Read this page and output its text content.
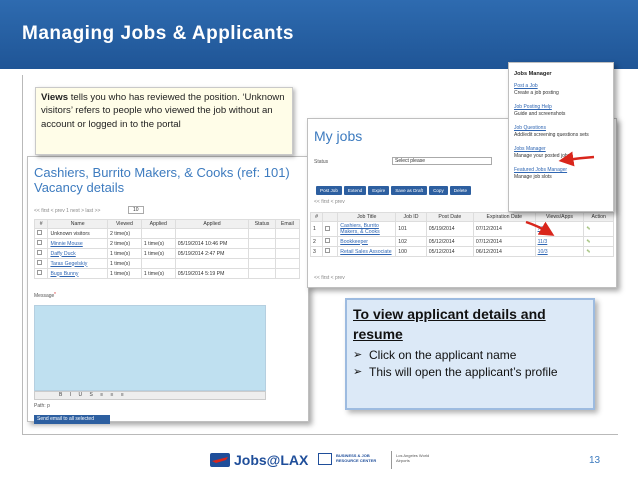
Managing Jobs & Applicants
Cashiers, Burrito Makers, & Cooks (ref: 101)
Vacancy details
<< first < prev 1 next > last >>	10
#	Name	Viewed	Applied	Applied	Status	Email
	Unknown visitors	2 time(s)				
	Minnie Mouse	2 time(s)	1 time(s)	05/19/2014 10:46 PM		
	Daffy Duck	1 time(s)	1 time(s)	05/19/2014 2:47 PM		
	Taras Gegelskiy	1 time(s)				
	Bugs Bunny	1 time(s)	1 time(s)	05/19/2014 5:19 PM		
Message *
B I U S ≡ ≡ ≡
Path: p
Send email to all selected
My jobs
Status	Select please
Post Job Extend Expire Save as Draft Copy Delete
<< first < prev
#		Job Title	Job ID	Post Date	Expiration Date	Views/Apps	Action
1		Cashiers, Burrito Makers, & Cooks	101	05/19/2014	07/12/2014	7/3	✎
2		Bookkeeper	102	05/12/2014	07/12/2014	11/3	✎
3		Retail Sales Associate	100	05/12/2014	06/12/2014	10/3	✎
<< first < prev
Jobs Manager
Post a Job
Create a job posting
Job Posting Help
Guide and screenshots
Job Questions
Add/edit screening questions sets
Jobs Manager
Manage your posted jobs
Featured Jobs Manager
Manage job slots
Views tells you who has reviewed the position. ‘Unknown visitors’ refers to people who viewed the job without an account or logged in to the portal
To view applicant details and resume
➢ Click on the applicant name
➢ This will open the applicant’s profile
Jobs@LAX	BUSINESS & JOB RESOURCE CENTER
Los Angeles World Airports	13
